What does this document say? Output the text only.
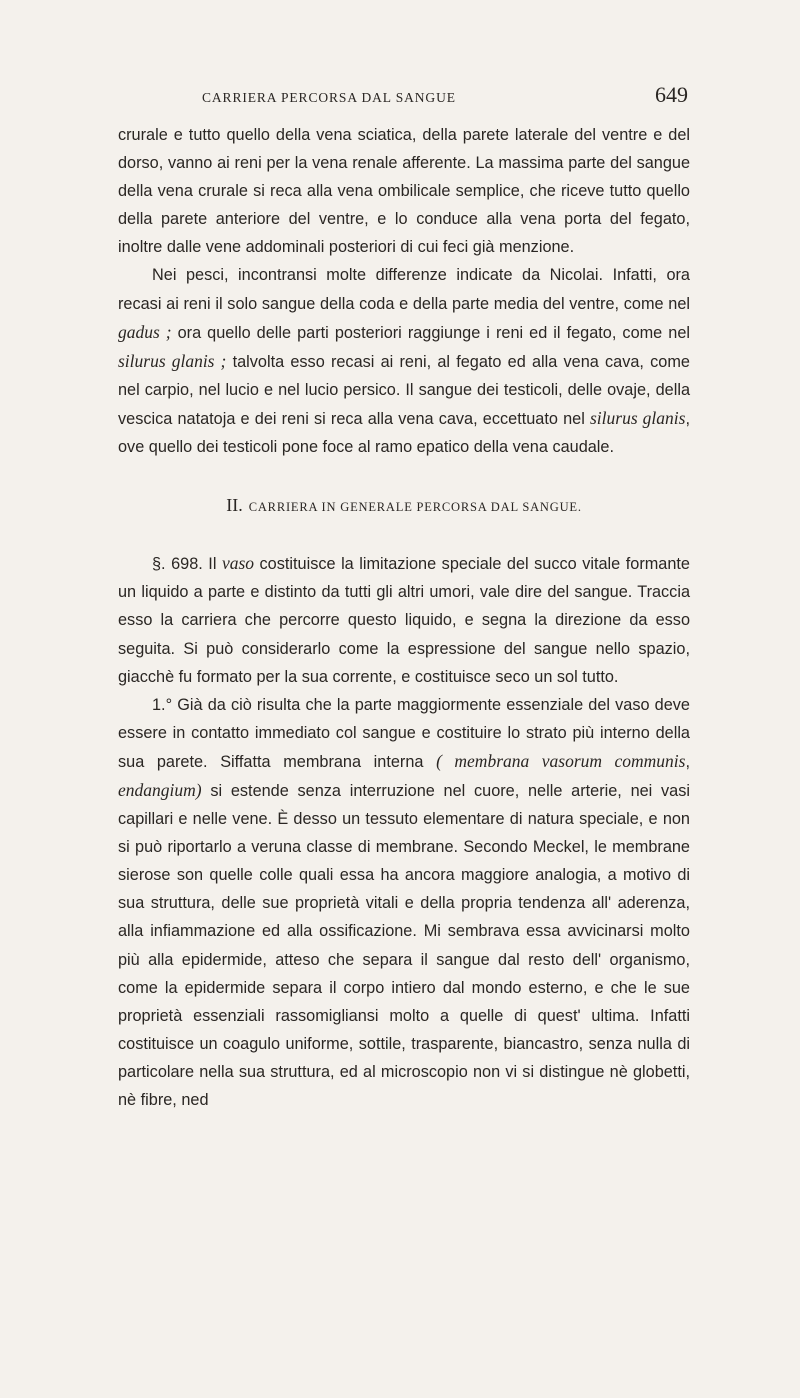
CARRIERA PERCORSA DAL SANGUE	649

crurale e tutto quello della vena sciatica, della parete laterale del ventre e del dorso, vanno ai reni per la vena renale afferente. La massima parte del sangue della vena crurale si reca alla vena ombilicale semplice, che riceve tutto quello della parete anteriore del ventre, e lo conduce alla vena porta del fegato, inoltre dalle vene addominali posteriori di cui feci già menzione.

Nei pesci, incontransi molte differenze indicate da Nicolai. Infatti, ora recasi ai reni il solo sangue della coda e della parte media del ventre, come nel gadus ; ora quello delle parti posteriori raggiunge i reni ed il fegato, come nel silurus glanis ; talvolta esso recasi ai reni, al fegato ed alla vena cava, come nel carpio, nel lucio e nel lucio persico. Il sangue dei testicoli, delle ovaje, della vescica natatoja e dei reni si reca alla vena cava, eccettuato nel silurus glanis, ove quello dei testicoli pone foce al ramo epatico della vena caudale.

II. CARRIERA IN GENERALE PERCORSA DAL SANGUE.

§. 698. Il vaso costituisce la limitazione speciale del succo vitale formante un liquido a parte e distinto da tutti gli altri umori, vale dire del sangue. Traccia esso la carriera che percorre questo liquido, e segna la direzione da esso seguita. Si può considerarlo come la espressione del sangue nello spazio, giacchè fu formato per la sua corrente, e costituisce seco un sol tutto.

1.° Già da ciò risulta che la parte maggiormente essenziale del vaso deve essere in contatto immediato col sangue e costituire lo strato più interno della sua parete. Siffatta membrana interna ( membrana vasorum communis, endangium) si estende senza interruzione nel cuore, nelle arterie, nei vasi capillari e nelle vene. È desso un tessuto elementare di natura speciale, e non si può riportarlo a veruna classe di membrane. Secondo Meckel, le membrane sierose son quelle colle quali essa ha ancora maggiore analogia, a motivo di sua struttura, delle sue proprietà vitali e della propria tendenza all' aderenza, alla infiammazione ed alla ossificazione. Mi sembrava essa avvicinarsi molto più alla epidermide, atteso che separa il sangue dal resto dell' organismo, come la epidermide separa il corpo intiero dal mondo esterno, e che le sue proprietà essenziali rassomigliansi molto a quelle di quest' ultima. Infatti costituisce un coagulo uniforme, sottile, trasparente, biancastro, senza nulla di particolare nella sua struttura, ed al microscopio non vi si distingue nè globetti, nè fibre, ned
